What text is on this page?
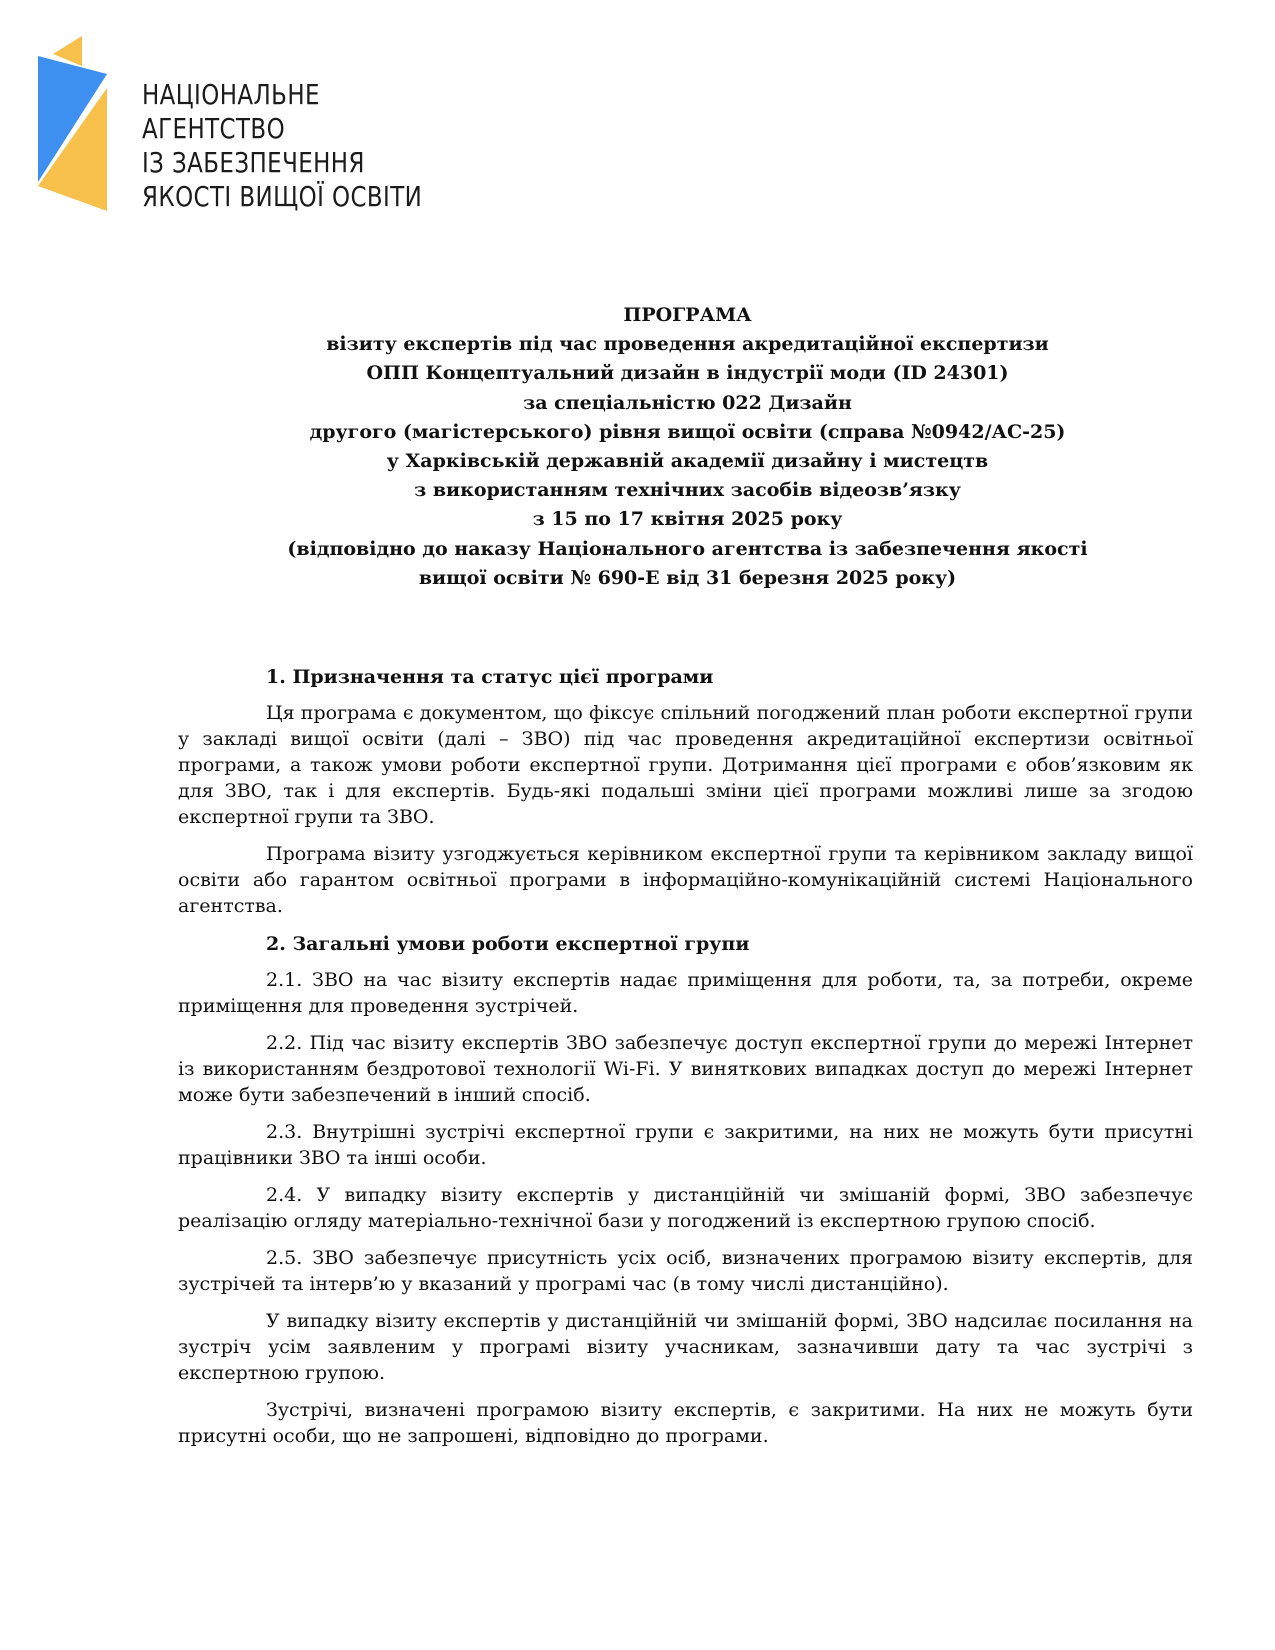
НАЦІОНАЛЬНЕ
АГЕНТСТВО
ІЗ ЗАБЕЗПЕЧЕННЯ
ЯКОСТІ ВИЩОЇ ОСВІТИ
ПРОГРАМА
візиту експертів під час проведення акредитаційної експертизи
ОПП Концептуальний дизайн в індустрії моди (ID 24301)
за спеціальністю 022 Дизайн
другого (магістерського) рівня вищої освіти (справа №0942/АС-25)
у Харківській державній академії дизайну і мистецтв
з використанням технічних засобів відеозв’язку
з 15 по 17 квітня 2025 року
(відповідно до наказу Національного агентства із забезпечення якості
вищої освіти № 690-Е від 31 березня 2025 року)

1. Призначення та статус цієї програми

Ця програма є документом, що фіксує спільний погоджений план роботи експертної групи у закладі вищої освіти (далі – ЗВО) під час проведення акредитаційної експертизи освітньої програми, а також умови роботи експертної групи. Дотримання цієї програми є обов’язковим як для ЗВО, так і для експертів. Будь-які подальші зміни цієї програми можливі лише за згодою експертної групи та ЗВО.

Програма візиту узгоджується керівником експертної групи та керівником закладу вищої освіти або гарантом освітньої програми в інформаційно-комунікаційній системі Національного агентства.

2. Загальні умови роботи експертної групи

2.1. ЗВО на час візиту експертів надає приміщення для роботи, та, за потреби, окреме приміщення для проведення зустрічей.

2.2. Під час візиту експертів ЗВО забезпечує доступ експертної групи до мережі Інтернет із використанням бездротової технології Wi-Fi. У виняткових випадках доступ до мережі Інтернет може бути забезпечений в інший спосіб.

2.3. Внутрішні зустрічі експертної групи є закритими, на них не можуть бути присутні працівники ЗВО та інші особи.

2.4. У випадку візиту експертів у дистанційній чи змішаній формі, ЗВО забезпечує реалізацію огляду матеріально-технічної бази у погоджений із експертною групою спосіб.

2.5. ЗВО забезпечує присутність усіх осіб, визначених програмою візиту експертів, для зустрічей та інтерв’ю у вказаний у програмі час (в тому числі дистанційно).

У випадку візиту експертів у дистанційній чи змішаній формі, ЗВО надсилає посилання на зустріч усім заявленим у програмі візиту учасникам, зазначивши дату та час зустрічі з експертною групою.

Зустрічі, визначені програмою візиту експертів, є закритими. На них не можуть бути присутні особи, що не запрошені, відповідно до програми.
